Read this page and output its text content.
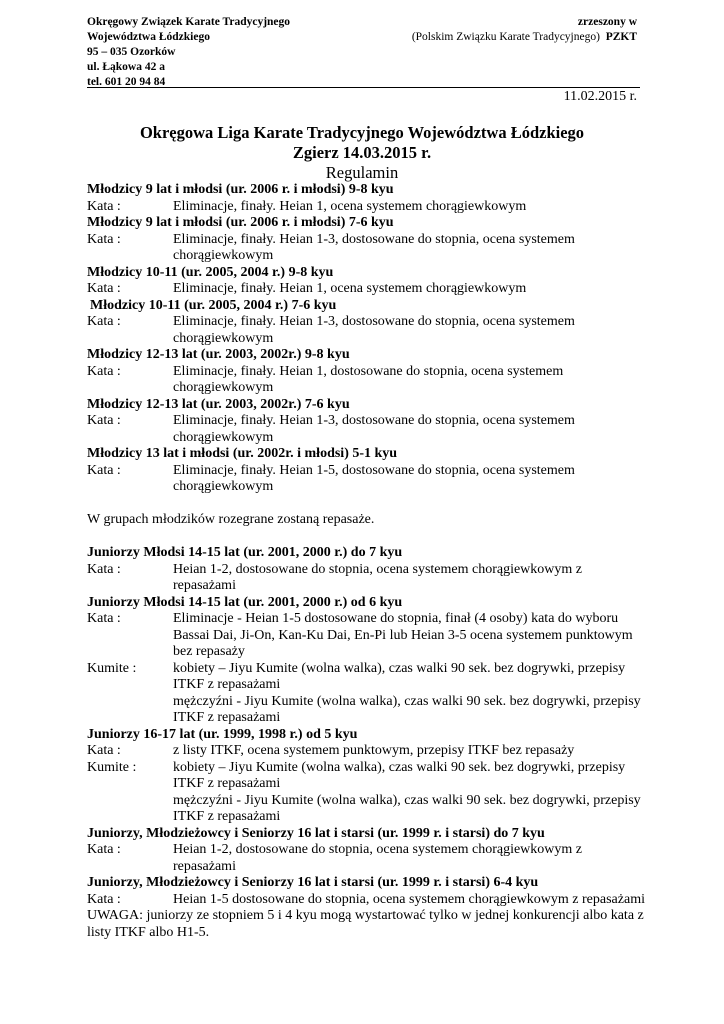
Okręgowy Związek Karate Tradycyjnego
Województwa Łódzkiego
95 – 035 Ozorków
ul. Łąkowa 42 a
tel. 601 20 94 84
zrzeszony w
(Polskim Związku Karate Tradycyjnego) PZKT
11.02.2015 r.
Okręgowa Liga Karate Tradycyjnego Województwa Łódzkiego
Zgierz 14.03.2015 r.
Regulamin
Młodzicy 9 lat i młodsi (ur. 2006 r. i młodsi) 9-8 kyu
Kata :	Eliminacje, finały. Heian 1, ocena systemem chorągiewkowym
Młodzicy 9 lat i młodsi (ur. 2006 r. i młodsi) 7-6 kyu
Kata :	Eliminacje, finały. Heian 1-3, dostosowane do stopnia, ocena systemem chorągiewkowym
Młodzicy 10-11 (ur. 2005, 2004 r.) 9-8 kyu
Kata :	Eliminacje, finały. Heian 1, ocena systemem chorągiewkowym
Młodzicy 10-11 (ur. 2005, 2004 r.) 7-6 kyu
Kata :	Eliminacje, finały. Heian 1-3, dostosowane do stopnia, ocena systemem chorągiewkowym
Młodzicy 12-13 lat (ur. 2003, 2002r.) 9-8 kyu
Kata :	Eliminacje, finały. Heian 1, dostosowane do stopnia, ocena systemem chorągiewkowym
Młodzicy 12-13 lat (ur. 2003, 2002r.) 7-6 kyu
Kata :	Eliminacje, finały. Heian 1-3, dostosowane do stopnia, ocena systemem chorągiewkowym
Młodzicy 13 lat i młodsi (ur. 2002r. i młodsi) 5-1 kyu
Kata :	Eliminacje, finały. Heian 1-5, dostosowane do stopnia, ocena systemem chorągiewkowym
W grupach młodzików rozegrane zostaną repasaże.
Juniorzy Młodsi 14-15 lat (ur. 2001, 2000 r.) do 7 kyu
Kata :	Heian 1-2, dostosowane do stopnia, ocena systemem chorągiewkowym z repasażami
Juniorzy Młodsi 14-15 lat (ur. 2001, 2000 r.) od 6 kyu
Kata :	Eliminacje - Heian 1-5 dostosowane do stopnia, finał (4 osoby) kata do wyboru Bassai Dai, Ji-On, Kan-Ku Dai, En-Pi lub Heian 3-5 ocena systemem punktowym bez repasaży
Kumite :	kobiety – Jiyu Kumite (wolna walka), czas walki 90 sek. bez dogrywki, przepisy ITKF z repasażami
mężczyźni - Jiyu Kumite (wolna walka), czas walki 90 sek. bez dogrywki, przepisy ITKF z repasażami
Juniorzy 16-17 lat (ur. 1999, 1998 r.) od 5 kyu
Kata :	z listy ITKF, ocena systemem punktowym, przepisy ITKF bez repasaży
Kumite :	kobiety – Jiyu Kumite (wolna walka), czas walki 90 sek. bez dogrywki, przepisy ITKF z repasażami
mężczyźni - Jiyu Kumite (wolna walka), czas walki 90 sek. bez dogrywki, przepisy ITKF z repasażami
Juniorzy, Młodzieżowcy i Seniorzy 16 lat i starsi (ur. 1999 r. i starsi) do 7 kyu
Kata :	Heian 1-2, dostosowane do stopnia, ocena systemem chorągiewkowym z repasażami
Juniorzy, Młodzieżowcy i Seniorzy 16 lat i starsi (ur. 1999 r. i starsi) 6-4 kyu
Kata :	Heian 1-5 dostosowane do stopnia, ocena systemem chorągiewkowym z repasażami
UWAGA: juniorzy ze stopniem 5 i 4 kyu mogą wystartować tylko w jednej konkurencji albo kata z listy ITKF albo H1-5.
